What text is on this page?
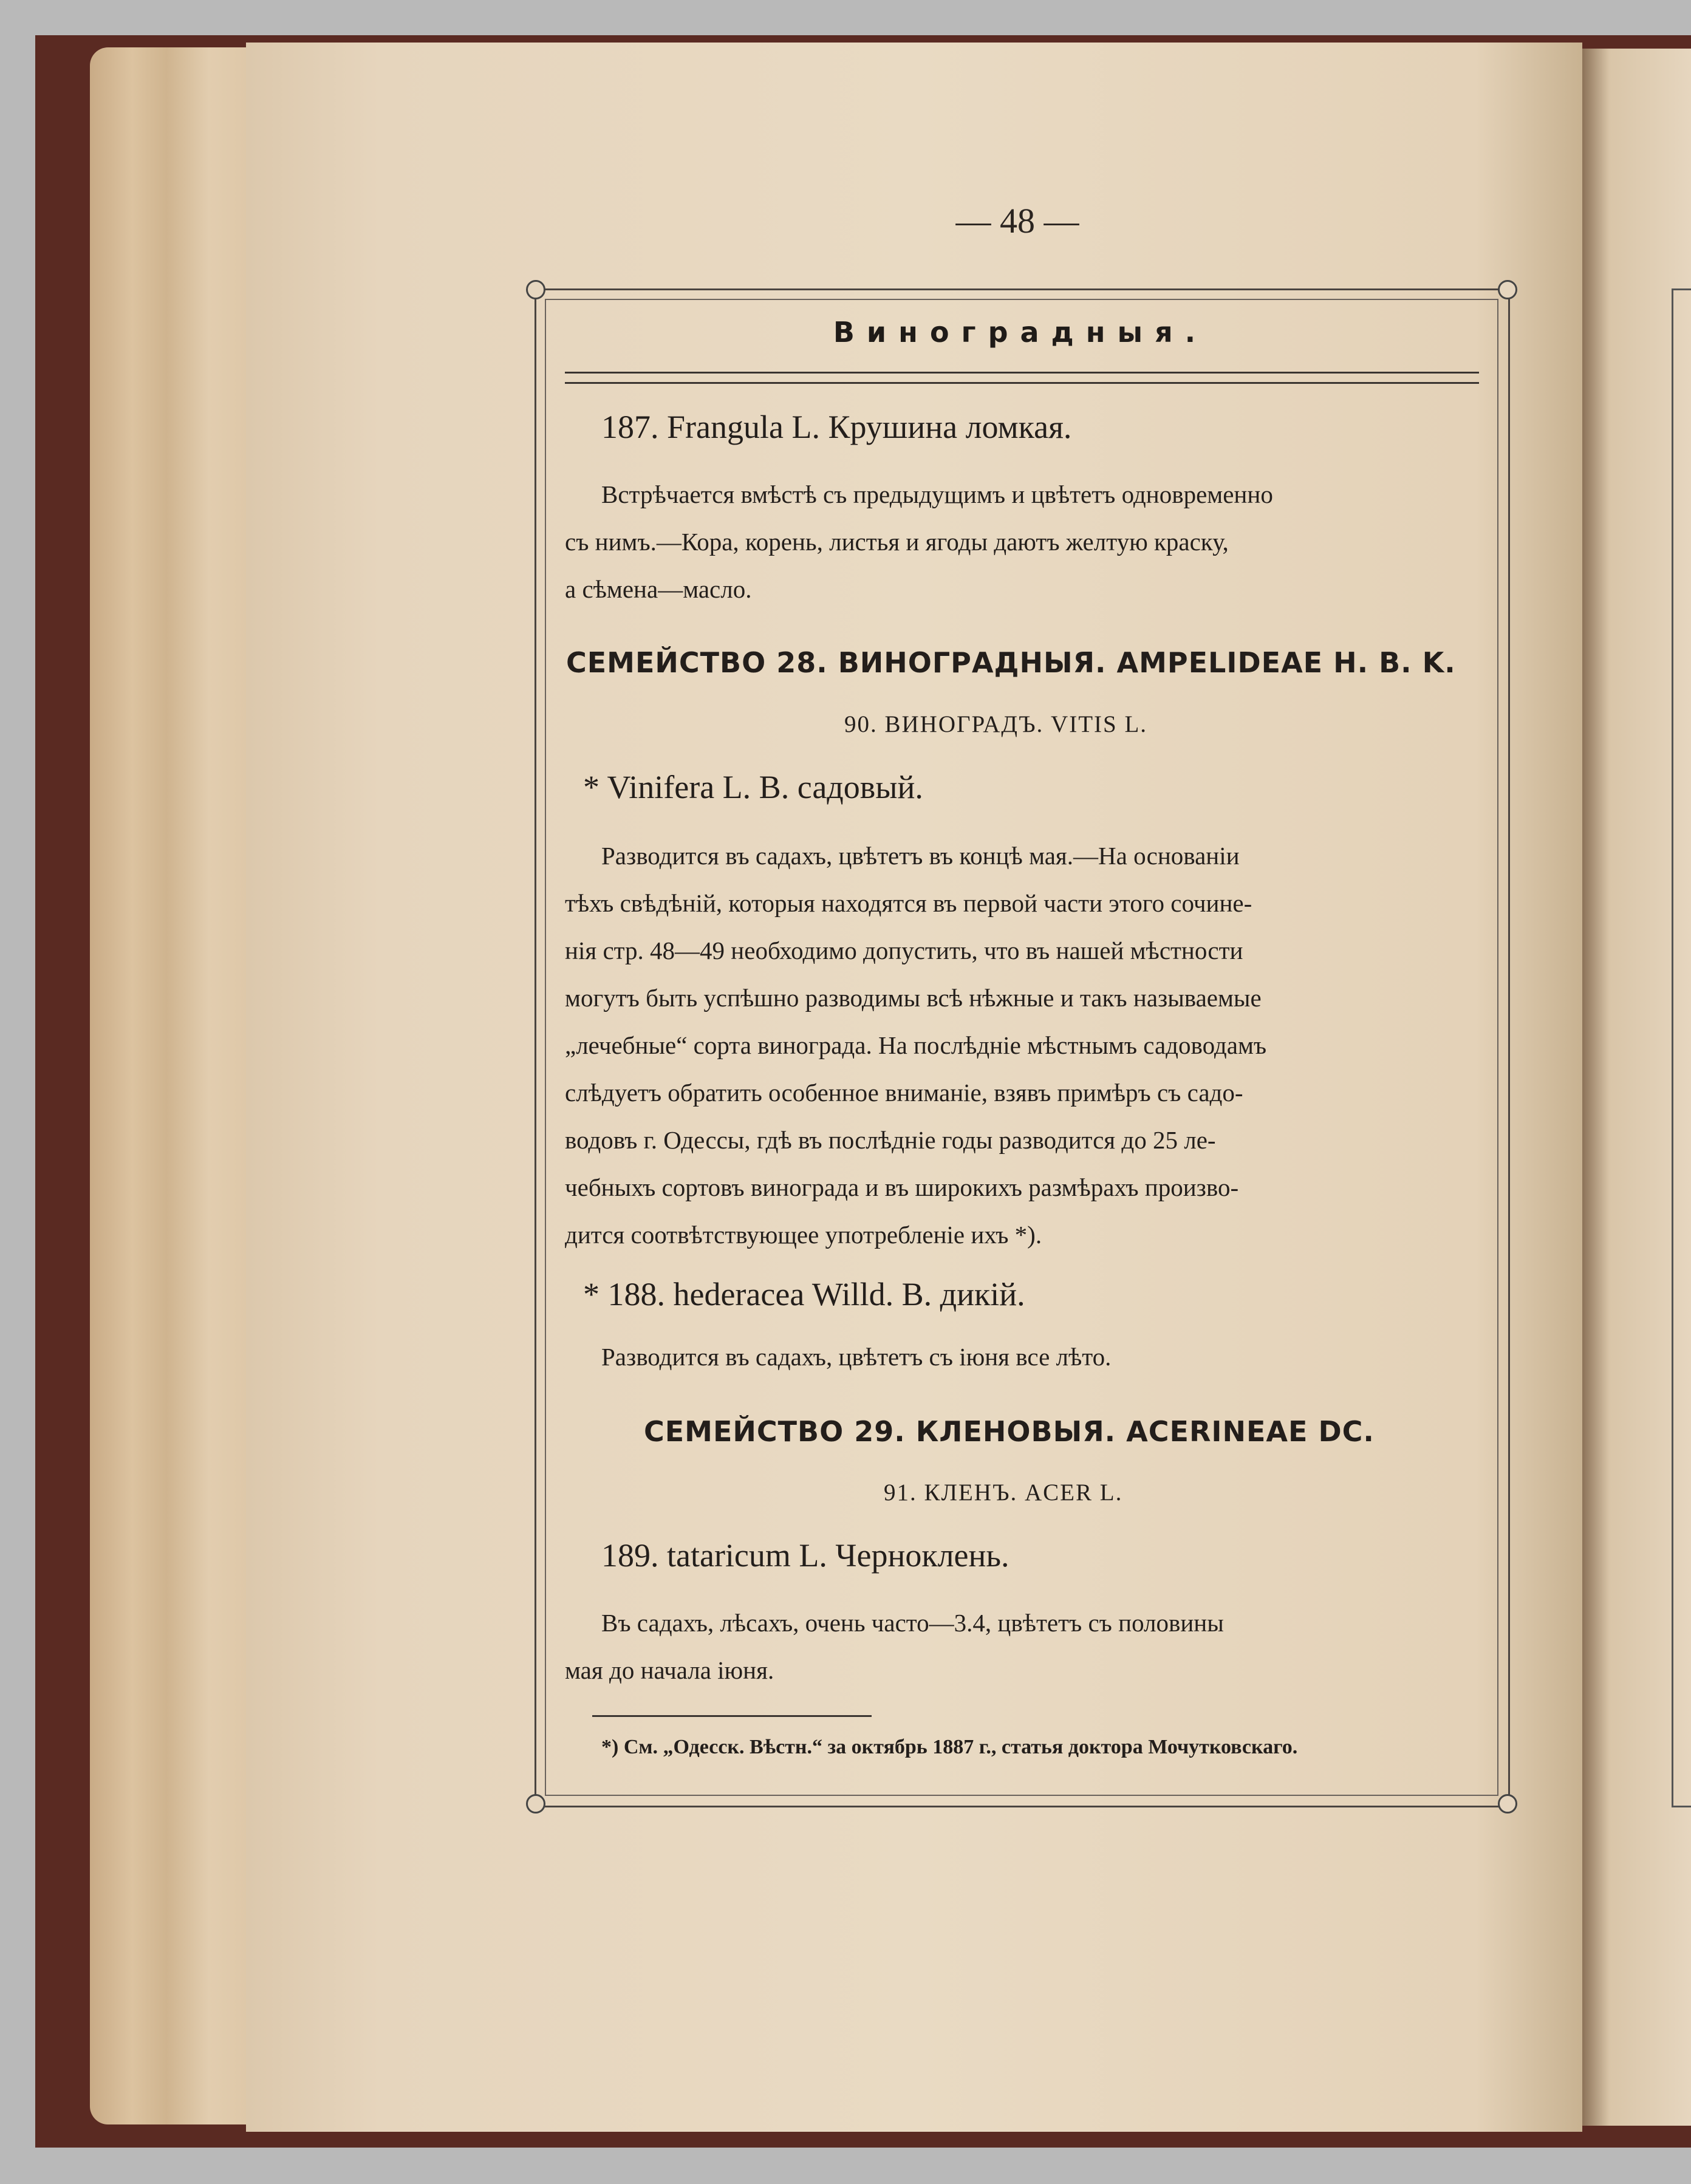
— 48 —
Виноградныя.
187. Frangula L. Крушина ломкая.
Встрѣчается вмѣстѣ съ предыдущимъ и цвѣтетъ одновременно
съ нимъ.—Кора, корень, листья и ягоды даютъ желтую краску,
а сѣмена—масло.
СЕМЕЙСТВО 28. ВИНОГРАДНЫЯ. AMPELIDEAE H. B. K.
90. ВИНОГРАДЪ. VITIS L.
* Vinifera L. В. садовый.
Разводится въ садахъ, цвѣтетъ въ концѣ мая.—На основаніи
тѣхъ свѣдѣній, которыя находятся въ первой части этого сочине-
нія стр. 48—49 необходимо допустить, что въ нашей мѣстности
могутъ быть успѣшно разводимы всѣ нѣжные и такъ называемые
„лечебные“ сорта винограда. На послѣдніе мѣстнымъ садоводамъ
слѣдуетъ обратить особенное вниманіе, взявъ примѣръ съ садо-
водовъ г. Одессы, гдѣ въ послѣдніе годы разводится до 25 ле-
чебныхъ сортовъ винограда и въ широкихъ размѣрахъ произво-
дится соотвѣтствующее употребленіе ихъ *).
* 188. hederacea Willd. В. дикій.
Разводится въ садахъ, цвѣтетъ съ іюня все лѣто.
СЕМЕЙСТВО 29. КЛЕНОВЫЯ. ACERINEAE DC.
91. КЛЕНЪ. ACER L.
189. tataricum L. Черноклень.
Въ садахъ, лѣсахъ, очень часто—3.4, цвѣтетъ съ половины
мая до начала іюня.
*) См. „Одесск. Вѣстн.“ за октябрь 1887 г., статья доктора Мочутковскаго.
